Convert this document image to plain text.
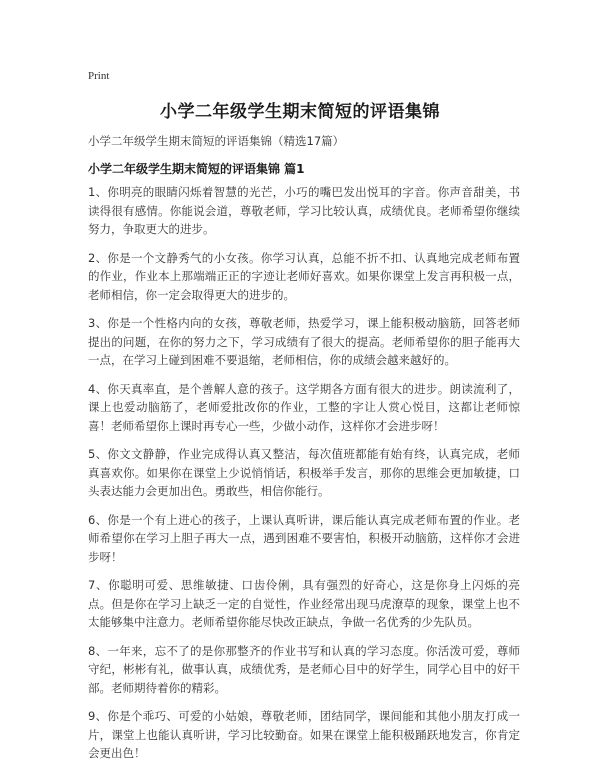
Print
小学二年级学生期末简短的评语集锦
小学二年级学生期末简短的评语集锦（精选17篇）
小学二年级学生期末简短的评语集锦 篇1

1、你明亮的眼睛闪烁着智慧的光芒，小巧的嘴巴发出悦耳的字音。你声音甜美，书读得很有感情。你能说会道，尊敬老师，学习比较认真，成绩优良。老师希望你继续努力，争取更大的进步。

2、你是一个文静秀气的小女孩。你学习认真，总能不折不扣、认真地完成老师布置的作业，作业本上那端端正正的字迹让老师好喜欢。如果你课堂上发言再积极一点，老师相信，你一定会取得更大的进步的。

3、你是一个性格内向的女孩，尊敬老师，热爱学习，课上能积极动脑筋，回答老师提出的问题，在你的努力之下，学习成绩有了很大的提高。老师希望你的胆子能再大一点，在学习上碰到困难不要退缩，老师相信，你的成绩会越来越好的。

4、你天真率直，是个善解人意的孩子。这学期各方面有很大的进步。朗读流利了，课上也爱动脑筋了，老师爱批改你的作业，工整的字让人赏心悦目，这都让老师惊喜！老师希望你上课时再专心一些，少做小动作，这样你才会进步呀！

5、你文文静静，作业完成得认真又整洁，每次值班都能有始有终，认真完成，老师真喜欢你。如果你在课堂上少说悄悄话，积极举手发言，那你的思维会更加敏捷，口头表达能力会更加出色。勇敢些，相信你能行。

6、你是一个有上进心的孩子，上课认真听讲，课后能认真完成老师布置的作业。老师希望你在学习上胆子再大一点，遇到困难不要害怕，积极开动脑筋，这样你才会进步呀！

7、你聪明可爱、思维敏捷、口齿伶俐，具有强烈的好奇心，这是你身上闪烁的亮点。但是你在学习上缺乏一定的自觉性，作业经常出现马虎潦草的现象，课堂上也不太能够集中注意力。老师希望你能尽快改正缺点，争做一名优秀的少先队员。

8、一年来，忘不了的是你那整齐的作业书写和认真的学习态度。你活泼可爱，尊师守纪，彬彬有礼，做事认真，成绩优秀，是老师心目中的好学生，同学心目中的好干部。老师期待着你的精彩。

9、你是个乖巧、可爱的小姑娘，尊敬老师，团结同学，课间能和其他小朋友打成一片，课堂上也能认真听讲，学习比较勤奋。如果在课堂上能积极踊跃地发言，你肯定会更出色！
